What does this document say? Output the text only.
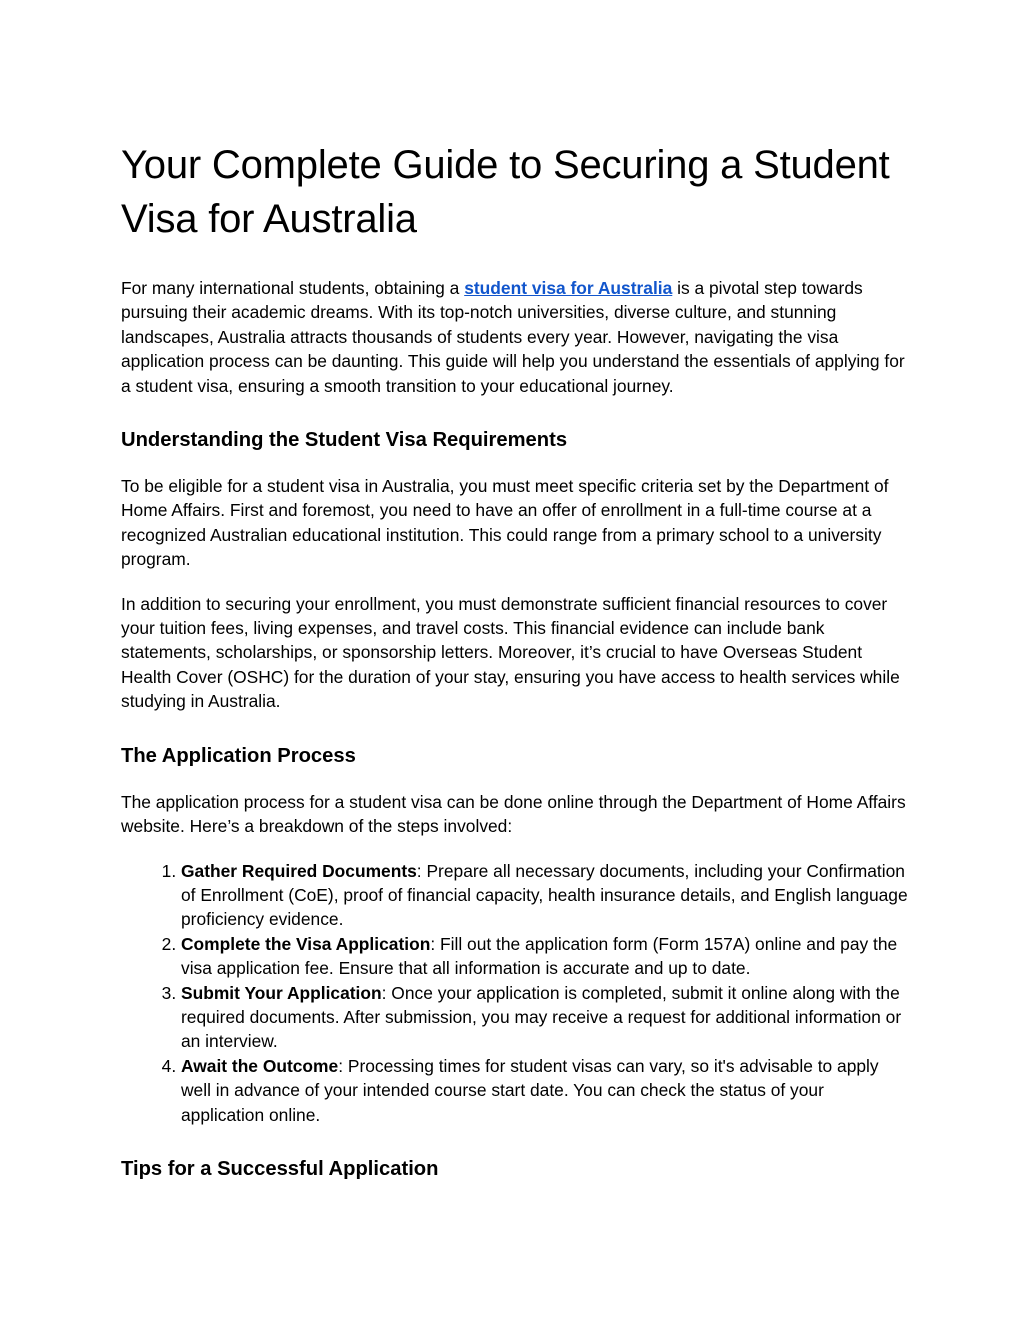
Your Complete Guide to Securing a Student Visa for Australia

For many international students, obtaining a student visa for Australia is a pivotal step towards pursuing their academic dreams. With its top-notch universities, diverse culture, and stunning landscapes, Australia attracts thousands of students every year. However, navigating the visa application process can be daunting. This guide will help you understand the essentials of applying for a student visa, ensuring a smooth transition to your educational journey.

Understanding the Student Visa Requirements

To be eligible for a student visa in Australia, you must meet specific criteria set by the Department of Home Affairs. First and foremost, you need to have an offer of enrollment in a full-time course at a recognized Australian educational institution. This could range from a primary school to a university program.

In addition to securing your enrollment, you must demonstrate sufficient financial resources to cover your tuition fees, living expenses, and travel costs. This financial evidence can include bank statements, scholarships, or sponsorship letters. Moreover, it’s crucial to have Overseas Student Health Cover (OSHC) for the duration of your stay, ensuring you have access to health services while studying in Australia.

The Application Process

The application process for a student visa can be done online through the Department of Home Affairs website. Here’s a breakdown of the steps involved:

1. Gather Required Documents: Prepare all necessary documents, including your Confirmation of Enrollment (CoE), proof of financial capacity, health insurance details, and English language proficiency evidence.
2. Complete the Visa Application: Fill out the application form (Form 157A) online and pay the visa application fee. Ensure that all information is accurate and up to date.
3. Submit Your Application: Once your application is completed, submit it online along with the required documents. After submission, you may receive a request for additional information or an interview.
4. Await the Outcome: Processing times for student visas can vary, so it's advisable to apply well in advance of your intended course start date. You can check the status of your application online.
Tips for a Successful Application
